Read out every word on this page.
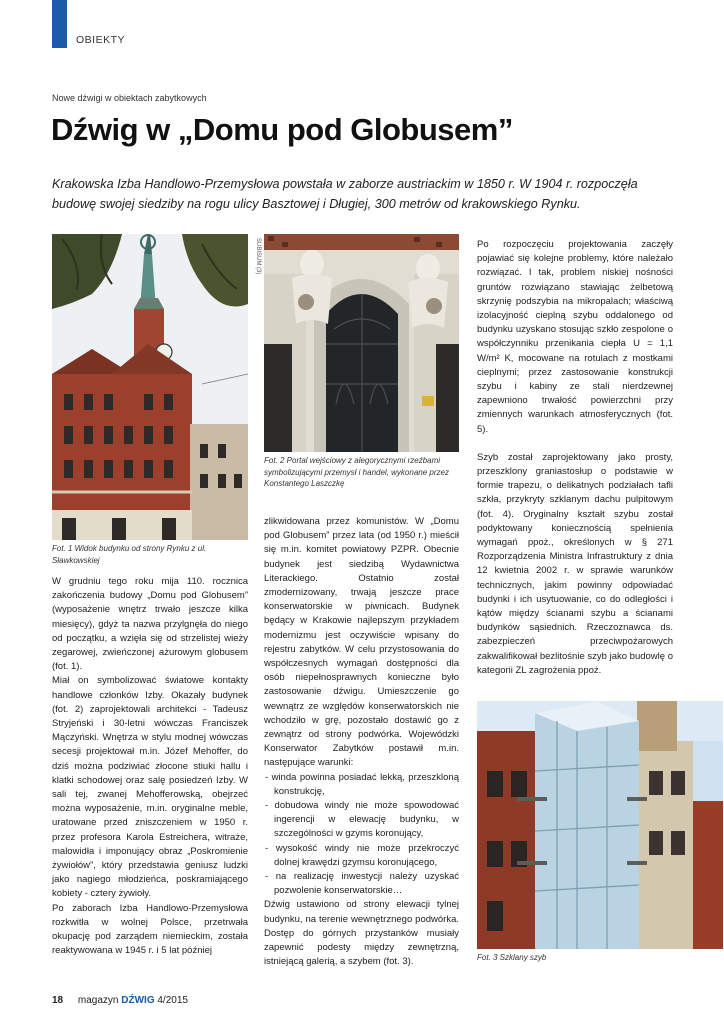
OBIEKTY
Nowe dźwigi w obiektach zabytkowych
Dźwig w „Domu pod Globusem”
Krakowska Izba Handlowo-Przemysłowa powstała w zaborze austriackim w 1850 r. W 1904 r. rozpoczęła budowę swojej siedziby na rogu ulicy Basztowej i Długiej, 300 metrów od krakowskiego Rynku.
SUBISUM (3)
Fot. 1 Widok budynku od strony Rynku z ul. Sławkowskiej
Fot. 2 Portal wejściowy z alegorycznymi rzeźbami symbolizującymi przemysł i handel, wykonane przez Konstantego Laszczkę
Fot. 3 Szklany szyb

W grudniu tego roku mija 110. rocznica zakończenia budowy „Domu pod Globusem” (wyposażenie wnętrz trwało jeszcze kilka miesięcy), gdyż ta nazwa przylgnęła do niego od początku, a wzięła się od strzelistej wieży zegarowej, zwieńczonej ażurowym globusem (fot. 1).

Miał on symbolizować światowe kontakty handlowe członków Izby. Okazały budynek (fot. 2) zaprojektowali architekci - Tadeusz Stryjeński i 30-letni wówczas Franciszek Mączyński. Wnętrza w stylu modnej wówczas secesji projektował m.in. Józef Mehoffer, do dziś można podziwiać złocone stiuki hallu i klatki schodowej oraz salę posiedzeń Izby. W sali tej, zwanej Mehofferowską, obejrzeć można wyposażenie, m.in. oryginalne meble, uratowane przed zniszczeniem w 1950 r. przez profesora Karola Estreichera, witraże, malowidła i imponujący obraz „Poskromienie żywiołów”, który przedstawia geniusz ludzki jako nagiego młodzieńca, poskramiającego kobiety - cztery żywioły.

Po zaborach Izba Handlowo-Przemysłowa rozkwitła w wolnej Polsce, przetrwała okupację pod zarządem niemieckim, została reaktywowana w 1945 r. i 5 lat później

zlikwidowana przez komunistów. W „Domu pod Globusem” przez lata (od 1950 r.) mieścił się m.in. komitet powiatowy PZPR. Obecnie budynek jest siedzibą Wydawnictwa Literackiego. Ostatnio został zmodernizowany, trwają jeszcze prace konserwatorskie w piwnicach. Budynek będący w Krakowie najlepszym przykładem modernizmu jest oczywiście wpisany do rejestru zabytków. W celu przystosowania do współczesnych wymagań dostępności dla osób niepełnosprawnych konieczne było zastosowanie dźwigu. Umieszczenie go wewnątrz ze względów konserwatorskich nie wchodziło w grę, pozostało dostawić go z zewnątrz od strony podwórka. Wojewódzki Konserwator Zabytków postawił m.in. następujące warunki:

- winda powinna posiadać lekką, przeszkloną konstrukcję,
- dobudowa windy nie może spowodować ingerencji w elewację budynku, w szczególności w gzyms koronujący,
- wysokość windy nie może przekroczyć dolnej krawędzi gzymsu koronującego,
- na realizację inwestycji należy uzyskać pozwolenie konserwatorskie…

Dźwig ustawiono od strony elewacji tylnej budynku, na terenie wewnętrznego podwórka. Dostęp do górnych przystanków musiały zapewnić podesty między zewnętrzną, istniejącą galerią, a szybem (fot. 3).

Po rozpoczęciu projektowania zaczęły pojawiać się kolejne problemy, które należało rozwiązać. I tak, problem niskiej nośności gruntów rozwiązano stawiając żelbetową skrzynię podszybia na mikropalach; właściwą izolacyjność cieplną szybu oddalonego od budynku uzyskano stosując szkło zespolone o współczynniku przenikania ciepła U = 1,1 W/m² K, mocowane na rotulach z mostkami cieplnymi; przez zastosowanie konstrukcji szybu i kabiny ze stali nierdzewnej zapewniono trwałość powierzchni przy zmiennych warunkach atmosferycznych (fot. 5).

Szyb został zaprojektowany jako prosty, przeszklony graniastosłup o podstawie w formie trapezu, o delikatnych podziałach tafli szkła, przykryty szklanym dachu pulpitowym (fot. 4). Oryginalny kształt szybu został podyktowany koniecznością spełnienia wymagań ppoż., określonych w § 271 Rozporządzenia Ministra Infrastruktury z dnia 12 kwietnia 2002 r. w sprawie warunków technicznych, jakim powinny odpowiadać budynki i ich usytuowanie, co do odległości i kątów między ścianami szybu a ścianami budynków sąsiednich. Rzeczoznawca ds. zabezpieczeń przeciwpożarowych zakwalifikował bezlitośnie szyb jako budowlę o kategorii ZL zagrożenia ppoż.

18 magazyn DŹWIG 4/2015
